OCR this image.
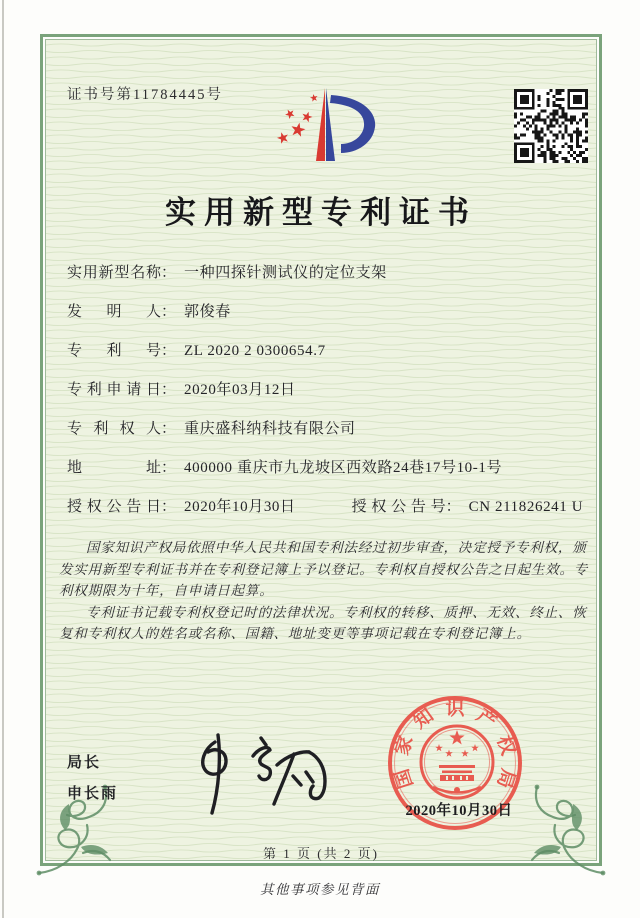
证书号第11784445号
实用新型专利证书
实用新型名称： 一种四探针测试仪的定位支架
发明人： 郭俊春
专利号： ZL 2020 2 0300654.7
专利申请日： 2020年03月12日
专利权人： 重庆盛科纳科技有限公司
地址： 400000 重庆市九龙坡区西效路24巷17号10-1号
授权公告日： 2020年10月30日	授权公告号： CN 211826241 U

国家知识产权局依照中华人民共和国专利法经过初步审查，决定授予专利权，颁发实用新型专利证书并在专利登记簿上予以登记。专利权自授权公告之日起生效。专利权期限为十年，自申请日起算。

专利证书记载专利权登记时的法律状况。专利权的转移、质押、无效、终止、恢复和专利权人的姓名或名称、国籍、地址变更等事项记载在专利登记簿上。

局长
申长雨
国
家
知 识 产
权
局
2020年10月30日
第 1 页 (共 2 页)
其他事项参见背面
